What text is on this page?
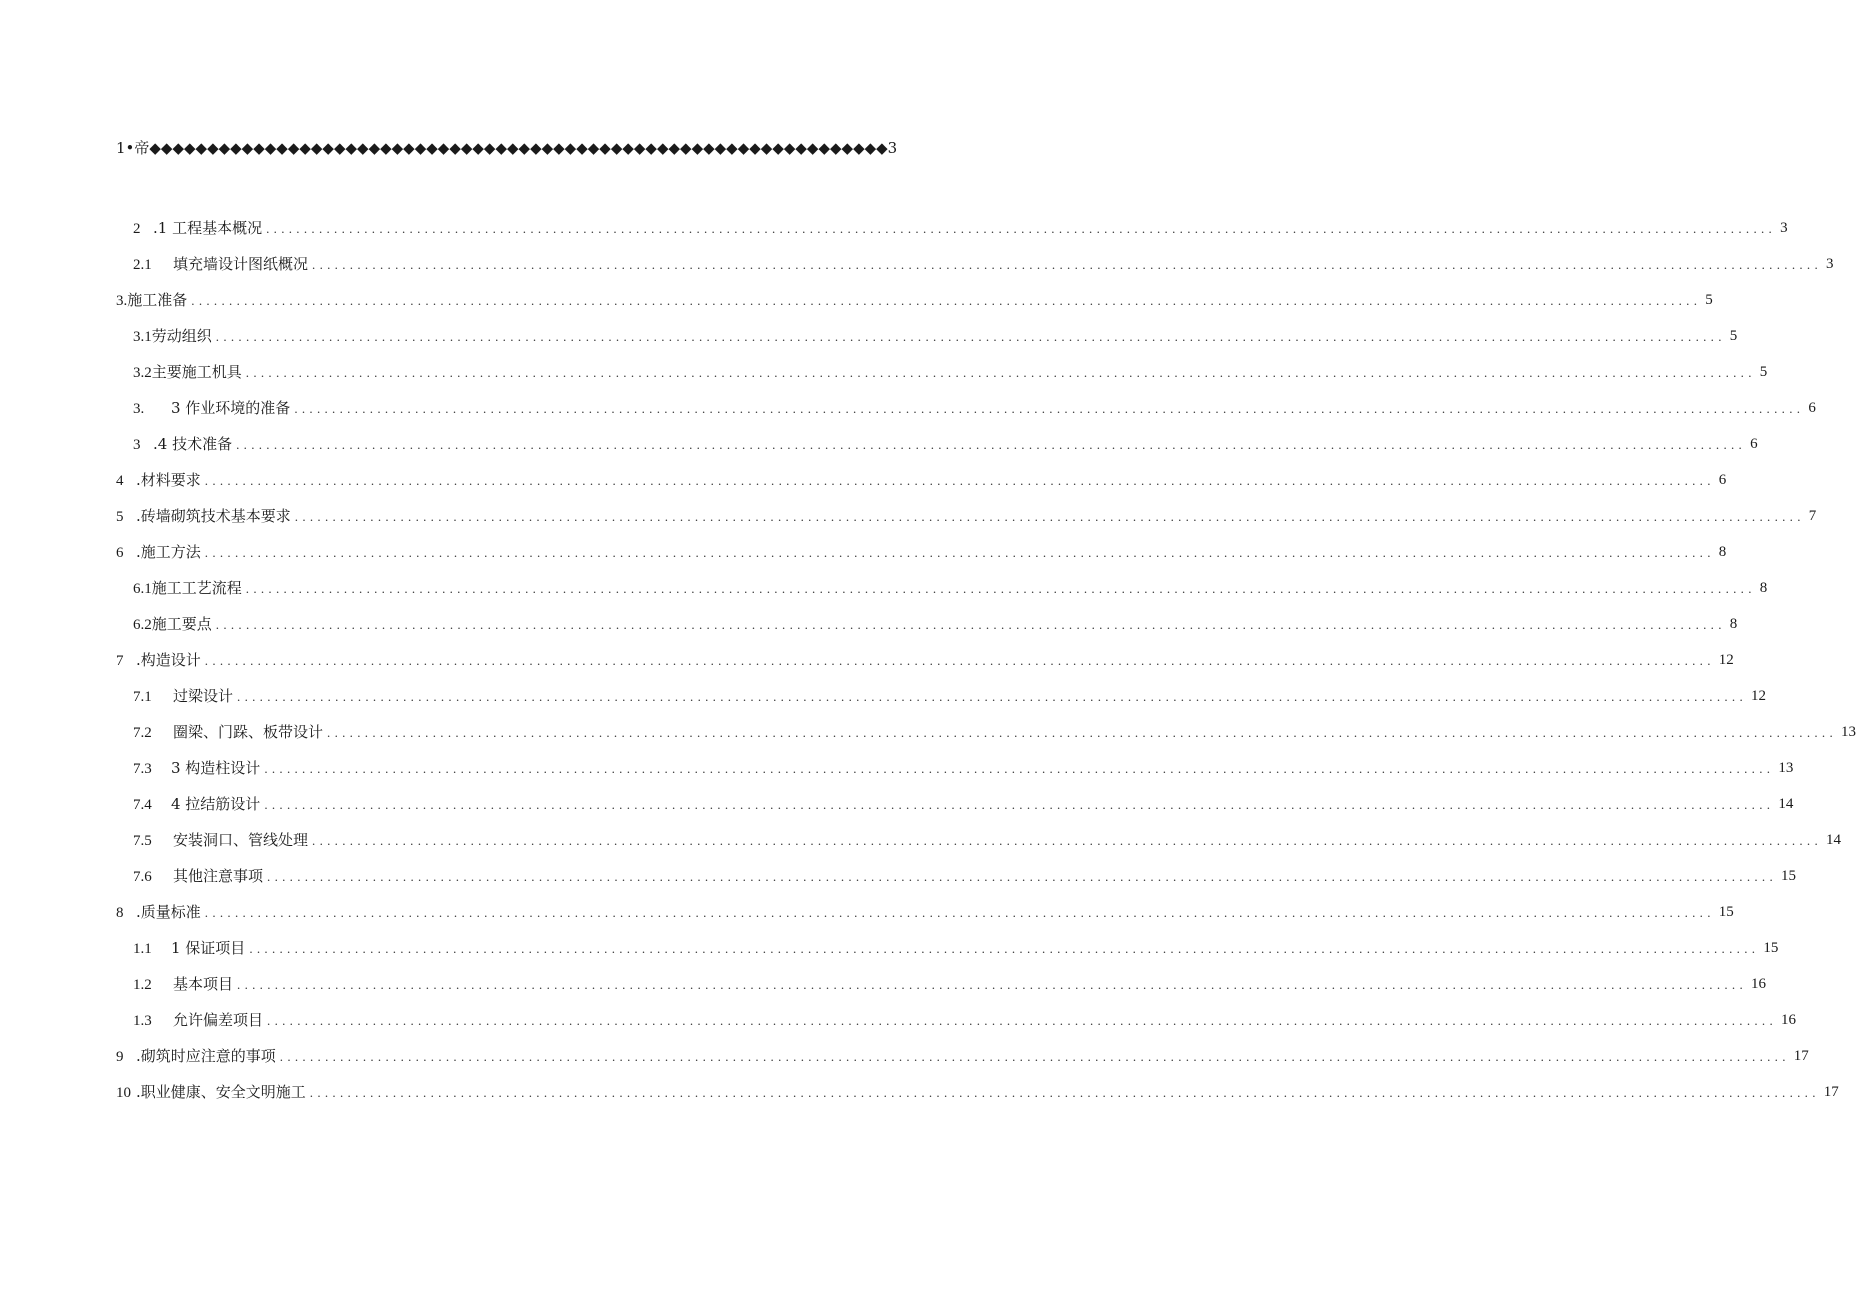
1•帝◆◆◆◆◆◆◆◆◆◆◆◆◆◆◆◆◆◆◆◆◆◆◆◆◆◆◆◆◆◆◆◆◆◆◆◆◆◆◆◆◆◆◆◆◆◆◆◆◆◆◆◆◆◆◆◆◆◆◆◆◆◆◆◆3
2 .1 工程基本概况 ........................................................................................................................................................................................................ 3
2.1 填充墙设计图纸概况 ........................................................................................................................................................................................................ 3
3.施工准备 ........................................................................................................................................................................................................ 5
3.1劳动组织 ........................................................................................................................................................................................................ 5
3.2主要施工机具 ........................................................................................................................................................................................................ 5
3. 3 作业环境的准备 ........................................................................................................................................................................................................ 6
3 .4 技术准备 ........................................................................................................................................................................................................ 6
4 .材料要求 ........................................................................................................................................................................................................ 6
5 .砖墙砌筑技术基本要求 ........................................................................................................................................................................................................ 7
6 .施工方法 ........................................................................................................................................................................................................ 8
6.1施工工艺流程 ........................................................................................................................................................................................................ 8
6.2施工要点 ........................................................................................................................................................................................................ 8
7 .构造设计 ........................................................................................................................................................................................................ 12
7.1 过梁设计 ........................................................................................................................................................................................................ 12
7.2 圈梁、门跺、板带设计 ........................................................................................................................................................................................................ 13
7.3 3 构造柱设计 ........................................................................................................................................................................................................ 13
7.4 4 拉结筋设计 ........................................................................................................................................................................................................ 14
7.5 安装洞口、管线处理 ........................................................................................................................................................................................................ 14
7.6 其他注意事项 ........................................................................................................................................................................................................ 15
8 .质量标准 ........................................................................................................................................................................................................ 15
1.1 1 保证项目 ........................................................................................................................................................................................................ 15
1.2 基本项目 ........................................................................................................................................................................................................ 16
1.3 允许偏差项目 ........................................................................................................................................................................................................ 16
9 .砌筑时应注意的事项 ........................................................................................................................................................................................................ 17
10 .职业健康、安全文明施工 ........................................................................................................................................................................................................ 17
